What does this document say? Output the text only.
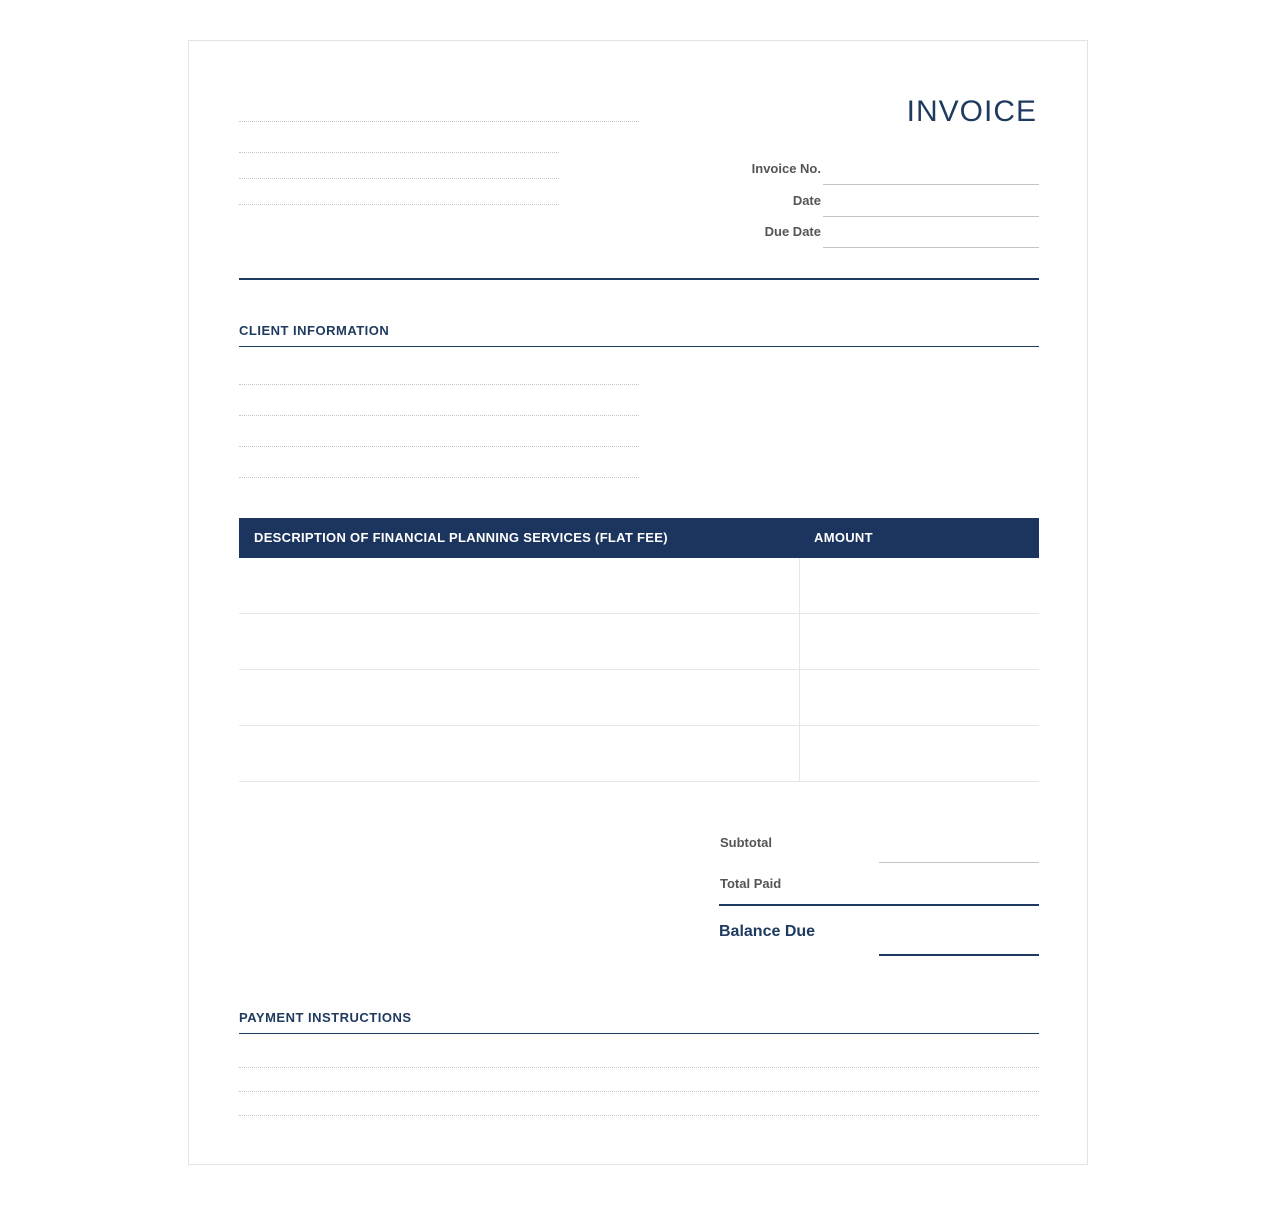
INVOICE
Invoice No.
Date
Due Date
CLIENT INFORMATION
DESCRIPTION OF FINANCIAL PLANNING SERVICES (FLAT FEE)	AMOUNT
Subtotal
Total Paid
Balance Due
PAYMENT INSTRUCTIONS
